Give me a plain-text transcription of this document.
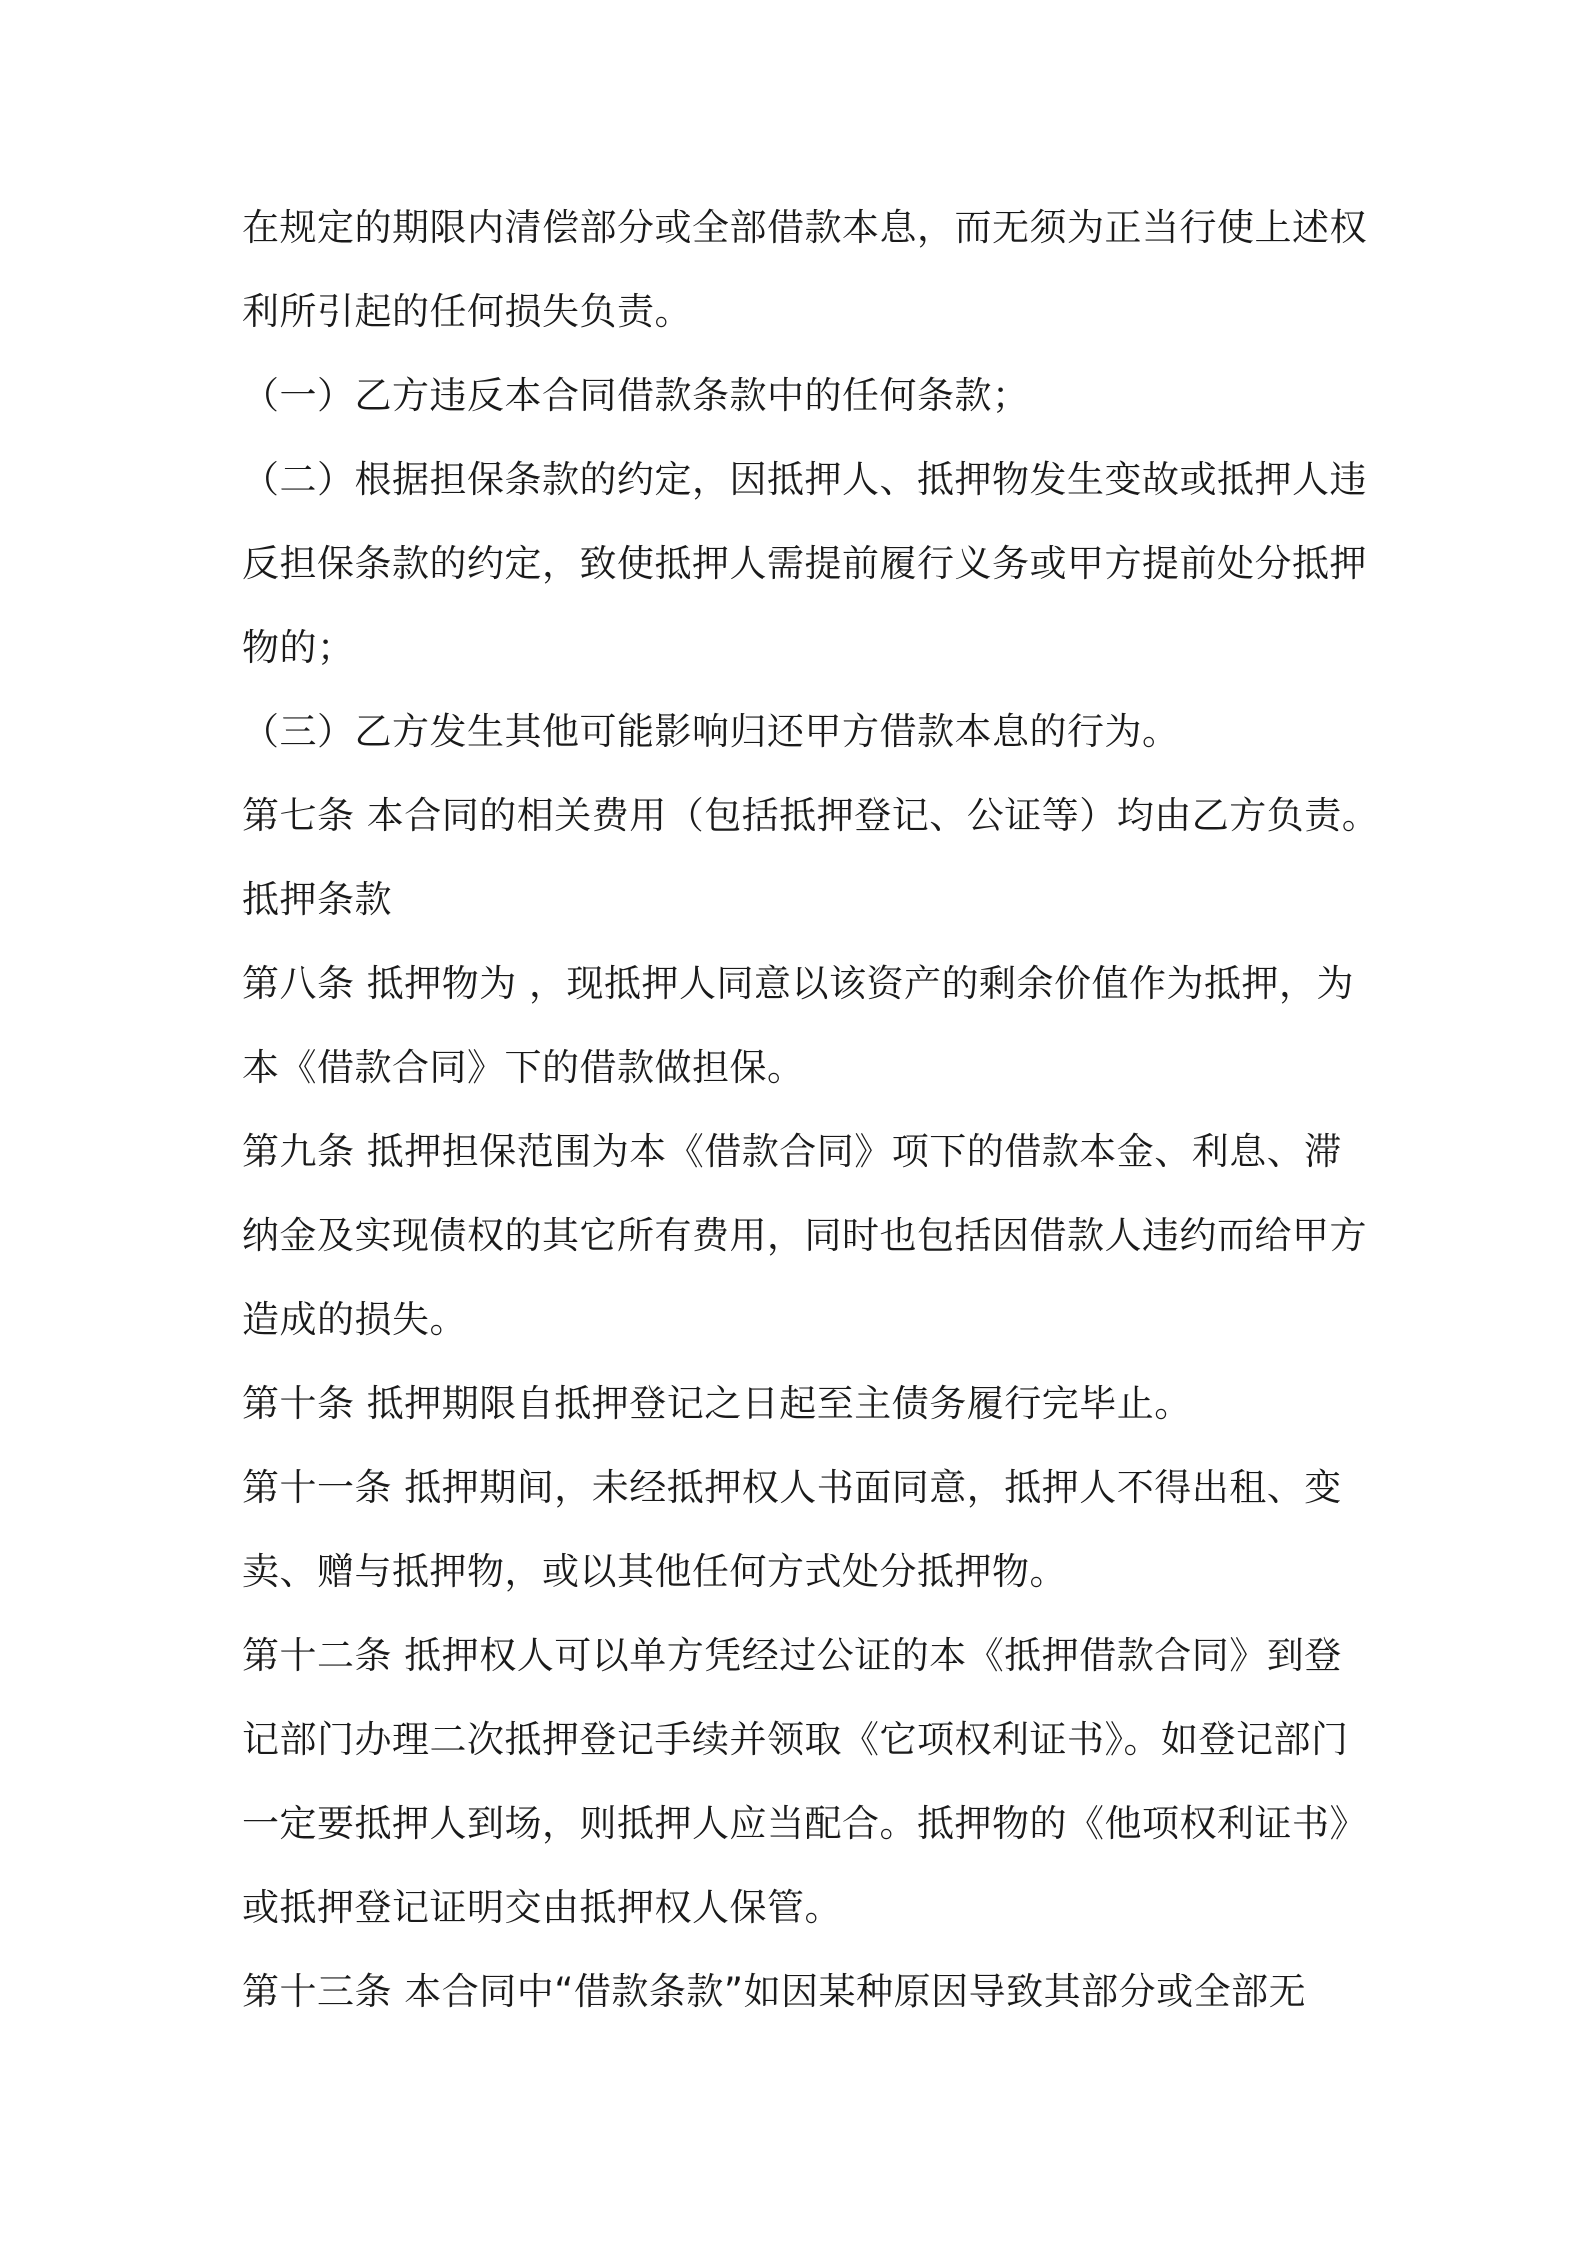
在规定的期限内清偿部分或全部借款本息，而无须为正当行使上述权
利所引起的任何损失负责。
（一）乙方违反本合同借款条款中的任何条款；
（二）根据担保条款的约定，因抵押人、抵押物发生变故或抵押人违
反担保条款的约定，致使抵押人需提前履行义务或甲方提前处分抵押
物的；
（三）乙方发生其他可能影响归还甲方借款本息的行为。
第七条 本合同的相关费用（包括抵押登记、公证等）均由乙方负责。
抵押条款
第八条 抵押物为 ，现抵押人同意以该资产的剩余价值作为抵押，为
本《借款合同》下的借款做担保。
第九条 抵押担保范围为本《借款合同》项下的借款本金、利息、滞
纳金及实现债权的其它所有费用，同时也包括因借款人违约而给甲方
造成的损失。
第十条 抵押期限自抵押登记之日起至主债务履行完毕止。
第十一条 抵押期间，未经抵押权人书面同意，抵押人不得出租、变
卖、赠与抵押物，或以其他任何方式处分抵押物。
第十二条 抵押权人可以单方凭经过公证的本《抵押借款合同》到登
记部门办理二次抵押登记手续并领取《它项权利证书》。如登记部门
一定要抵押人到场，则抵押人应当配合。抵押物的《他项权利证书》
或抵押登记证明交由抵押权人保管。
第十三条 本合同中“借款条款”如因某种原因导致其部分或全部无
